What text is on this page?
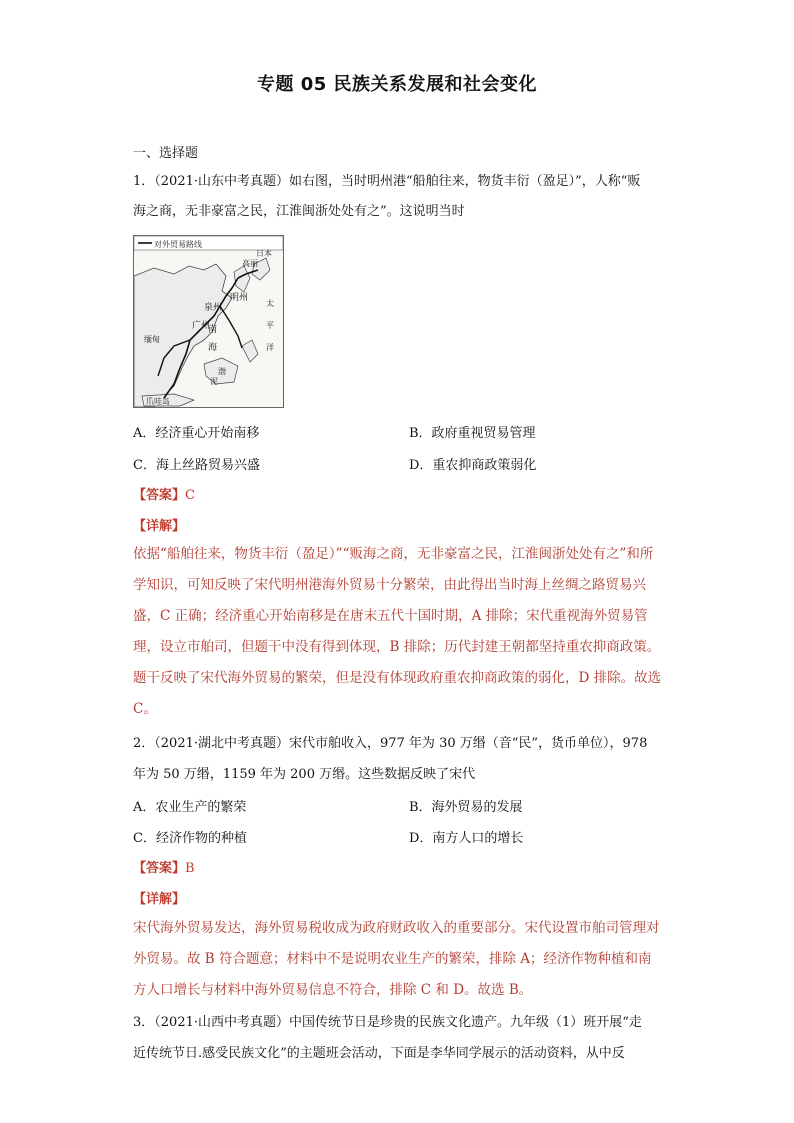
专题 05 民族关系发展和社会变化
一、选择题
1．（2021·山东中考真题）如右图，当时明州港“船舶往来，物货丰衍（盈足）”，人称“贩
海之商，无非豪富之民，江淮闽浙处处有之”。这说明当时
对外贸易路线
高丽
日本
明州
泉州
广州
南
海
渤
泥
缅甸
太
平
洋
爪哇岛
A．经济重心开始南移	B．政府重视贸易管理
C．海上丝路贸易兴盛	D．重农抑商政策弱化
【答案】C
【详解】
依据“船舶往来，物货丰衍（盈足）”“贩海之商，无非豪富之民，江淮闽浙处处有之”和所学知识，可知反映了宋代明州港海外贸易十分繁荣，由此得出当时海上丝绸之路贸易兴盛，C 正确；经济重心开始南移是在唐末五代十国时期，A 排除；宋代重视海外贸易管理，设立市舶司，但题干中没有得到体现，B 排除；历代封建王朝都坚持重农抑商政策。题干反映了宋代海外贸易的繁荣，但是没有体现政府重农抑商政策的弱化，D 排除。故选 C。
2．（2021·湖北中考真题）宋代市舶收入，977 年为 30 万缗（音“民”，货币单位），978
年为 50 万缗，1159 年为 200 万缗。这些数据反映了宋代
A．农业生产的繁荣	B．海外贸易的发展
C．经济作物的种植	D．南方人口的增长
【答案】B
【详解】
宋代海外贸易发达，海外贸易税收成为政府财政收入的重要部分。宋代设置市舶司管理对外贸易。故 B 符合题意；材料中不是说明农业生产的繁荣，排除 A；经济作物种植和南方人口增长与材料中海外贸易信息不符合，排除 C 和 D。故选 B。
3．（2021·山西中考真题）中国传统节日是珍贵的民族文化遗产。九年级（1）班开展“走
近传统节日.感受民族文化”的主题班会活动，下面是李华同学展示的活动资料，从中反
